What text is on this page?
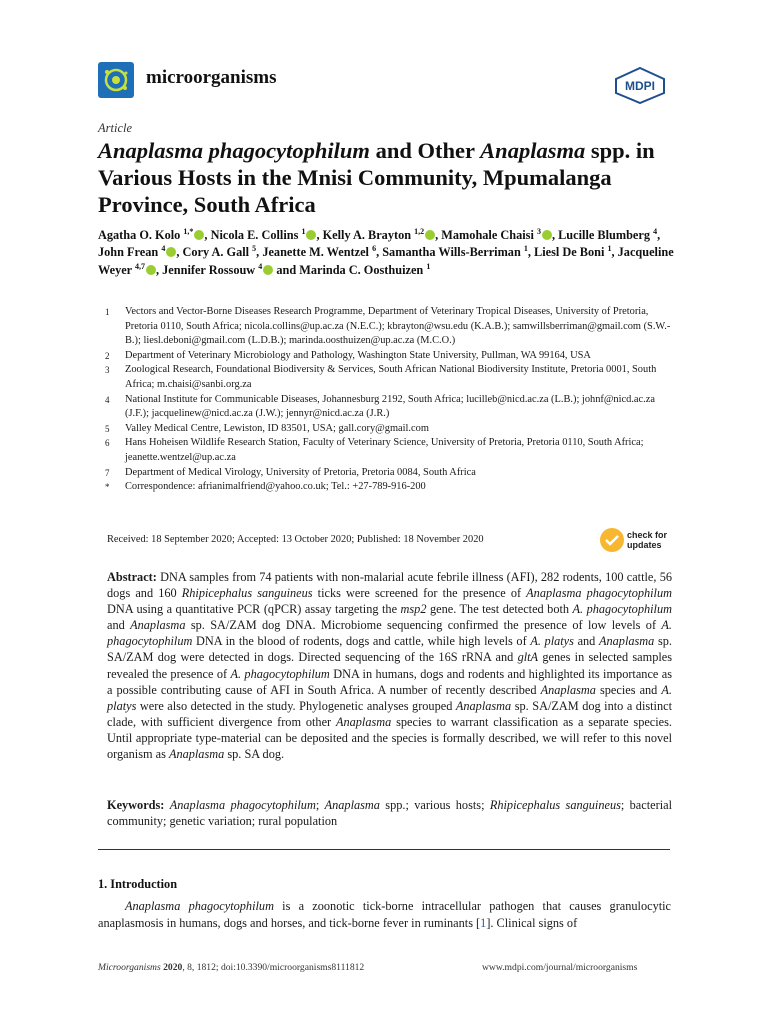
microorganisms	MDPI
Article
Anaplasma phagocytophilum and Other Anaplasma spp. in Various Hosts in the Mnisi Community, Mpumalanga Province, South Africa

Agatha O. Kolo $^{1,*}$ , Nicola E. Collins $^1$ , Kelly A. Brayton $^{1,2}$ , Mamohale Chaisi $^3$ , Lucille Blumberg $^4$, John Frean $^4$ , Cory A. Gall $^5$, Jeanette M. Wentzel $^6$, Samantha Wills-Berriman $^1$, Liesl De Boni $^1$, Jacqueline Weyer $^{4,7}$ , Jennifer Rossouw $^4$ and Marinda C. Oosthuizen $^1$

1 Vectors and Vector-Borne Diseases Research Programme, Department of Veterinary Tropical Diseases, University of Pretoria, Pretoria 0110, South Africa; nicola.collins@up.ac.za (N.E.C.); kbrayton@wsu.edu (K.A.B.); samwillsberriman@gmail.com (S.W.-B.); liesl.deboni@gmail.com (L.D.B.); marinda.oosthuizen@up.ac.za (M.C.O.)
2 Department of Veterinary Microbiology and Pathology, Washington State University, Pullman, WA 99164, USA
3 Zoological Research, Foundational Biodiversity & Services, South African National Biodiversity Institute, Pretoria 0001, South Africa; m.chaisi@sanbi.org.za
4 National Institute for Communicable Diseases, Johannesburg 2192, South Africa; lucilleb@nicd.ac.za (L.B.); johnf@nicd.ac.za (J.F.); jacquelinew@nicd.ac.za (J.W.); jennyr@nicd.ac.za (J.R.)
5 Valley Medical Centre, Lewiston, ID 83501, USA; gall.cory@gmail.com
6 Hans Hoheisen Wildlife Research Station, Faculty of Veterinary Science, University of Pretoria, Pretoria 0110, South Africa; jeanette.wentzel@up.ac.za
7 Department of Medical Virology, University of Pretoria, Pretoria 0084, South Africa
* Correspondence: afrianimalfriend@yahoo.co.uk; Tel.: +27-789-916-200
Received: 18 September 2020; Accepted: 13 October 2020; Published: 18 November 2020	check for
updates

Abstract: DNA samples from 74 patients with non-malarial acute febrile illness (AFI), 282 rodents, 100 cattle, 56 dogs and 160 Rhipicephalus sanguineus ticks were screened for the presence of Anaplasma phagocytophilum DNA using a quantitative PCR (qPCR) assay targeting the msp2 gene. The test detected both A. phagocytophilum and Anaplasma sp. SA/ZAM dog DNA. Microbiome sequencing confirmed the presence of low levels of A. phagocytophilum DNA in the blood of rodents, dogs and cattle, while high levels of A. platys and Anaplasma sp. SA/ZAM dog were detected in dogs. Directed sequencing of the 16S rRNA and gltA genes in selected samples revealed the presence of A. phagocytophilum DNA in humans, dogs and rodents and highlighted its importance as a possible contributing cause of AFI in South Africa. A number of recently described Anaplasma species and A. platys were also detected in the study. Phylogenetic analyses grouped Anaplasma sp. SA/ZAM dog into a distinct clade, with sufficient divergence from other Anaplasma species to warrant classification as a separate species. Until appropriate type-material can be deposited and the species is formally described, we will refer to this novel organism as Anaplasma sp. SA dog.

Keywords: Anaplasma phagocytophilum; Anaplasma spp.; various hosts; Rhipicephalus sanguineus; bacterial community; genetic variation; rural population

1. Introduction

Anaplasma phagocytophilum is a zoonotic tick-borne intracellular pathogen that causes granulocytic anaplasmosis in humans, dogs and horses, and tick-borne fever in ruminants [1]. Clinical signs of

Microorganisms 2020, 8, 1812; doi:10.3390/microorganisms8111812	www.mdpi.com/journal/microorganisms
